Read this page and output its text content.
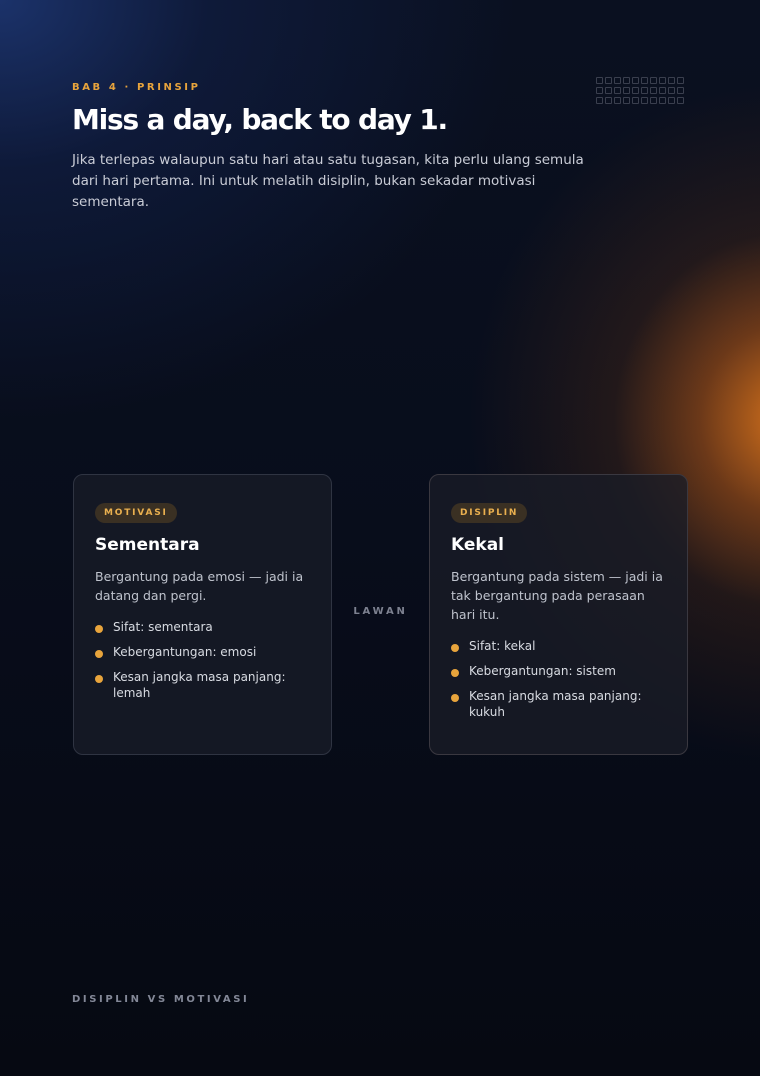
BAB 4 · PRINSIP
Miss a day, back to day 1.

Jika terlepas walaupun satu hari atau satu tugasan, kita perlu ulang semula dari hari pertama. Ini untuk melatih disiplin, bukan sekadar motivasi sementara.

MOTIVASI
Sementara

Bergantung pada emosi — jadi ia datang dan pergi.

Sifat: sementara
Kebergantungan: emosi
Kesan jangka masa panjang: lemah
LAWAN
DISIPLIN
Kekal

Bergantung pada sistem — jadi ia tak bergantung pada perasaan hari itu.

Sifat: kekal
Kebergantungan: sistem
Kesan jangka masa panjang: kukuh
DISIPLIN VS MOTIVASI
